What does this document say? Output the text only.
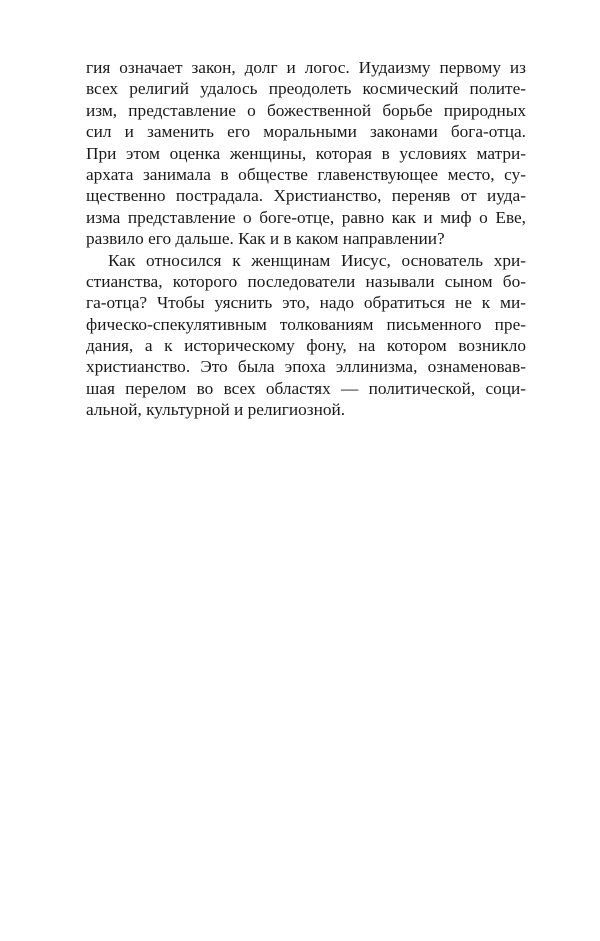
гия означает закон, долг и логос. Иудаизму первому из
всех религий удалось преодолеть космический полите-
изм, представление о божественной борьбе природных
сил и заменить его моральными законами бога-отца.
При этом оценка женщины, которая в условиях матри-
архата занимала в обществе главенствующее место, су-
щественно пострадала. Христианство, переняв от иуда-
изма представление о боге-отце, равно как и миф о Еве,
развило его дальше. Как и в каком направлении?
Как относился к женщинам Иисус, основатель хри-
стианства, которого последователи называли сыном бо-
га-отца? Чтобы уяснить это, надо обратиться не к ми-
фическо-спекулятивным толкованиям письменного пре-
дания, а к историческому фону, на котором возникло
христианство. Это была эпоха эллинизма, ознаменовав-
шая перелом во всех областях — политической, соци-
альной, культурной и религиозной.
